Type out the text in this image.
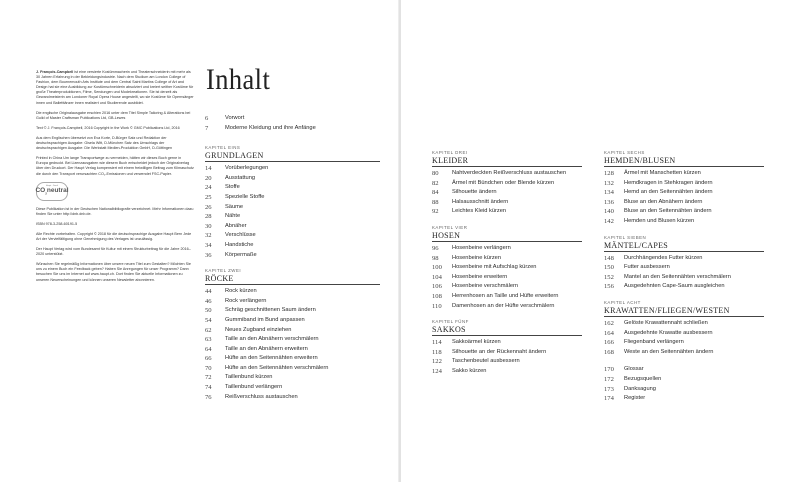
J. François-Campbell ist eine versierte Kostümmacherin und Theaterschneiderin mit mehr als 30 Jahren Erfahrung in der Bekleidungsindustrie. Nach dem Studium am London College of Fashion, dem Bournemouth Arts Institute und dem Central Saint Martins College of Art and Design hat sie eine Ausbildung zur Kostümschneiderin absolviert und kreiert seither Kostüme für große Theaterproduktionen, Filme, Sendungen und Modekreationen. Sie ist derzeit als Gewandmeisterin am Londoner Royal Opera House angestellt, wo sie Kostüme für Opernsänger innen und Balletttänzer innen realisiert und Studierende ausbildet.

Die englische Originalausgabe erschien 2016 unter dem Titel Simple Tailoring & Alterations bei Guild of Master Craftsman Publications Ltd, GB-Lewes

Text © J. François-Campbell, 2016 Copyright in the Work © GMC Publications Ltd, 2016

Aus dem Englischen übersetzt von Eva Korte, D-Bürger Satz und Redaktion der deutschsprachigen Ausgabe: Gisela Witt, D-München Satz des Umschlags der deutschsprachigen Ausgabe: Die Werkstatt Medien-Produktion GmbH, D-Göttingen

Printed in China Um lange Transportwege zu vermeiden, hätten wir dieses Buch gerne in Europa gedruckt. Bei Lizenzausgaben wie diesem Buch entscheidet jedoch der Originalverlag über den Druckort. Der Haupt Verlag kompensiert mit einem freiwilligen Beitrag zum Klimaschutz die durch den Transport verursachten CO₂-Emissionen und verwendet FSC-Papier.

Haupt · Druck
$CO_2neutral$

Diese Publikation ist in der Deutschen Nationalbibliografie verzeichnet. Mehr Informationen dazu finden Sie unter http://dnb.dnb.de.

ISBN 978-3-258-60191-5

Alle Rechte vorbehalten. Copyright © 2018 für die deutschsprachige Ausgabe Haupt Bern Jede Art der Vervielfältigung ohne Genehmigung des Verlages ist unzulässig.

Der Haupt Verlag wird vom Bundesamt für Kultur mit einem Strukturbeitrag für die Jahre 2016–2020 unterstützt.

Wünschen Sie regelmäßig Informationen über unsere neuen Titel zum Gestalten? Möchten Sie uns zu einem Buch ein Feedback geben? Haben Sie Anregungen für unser Programm? Dann besuchen Sie uns im Internet auf www.haupt.ch. Dort finden Sie aktuelle Informationen zu unseren Neuerscheinungen und können unseren Newsletter abonnieren.

Inhalt
6	Vorwort
7	Moderne Kleidung und ihre Anfänge
KAPITEL EINS
GRUNDLAGEN
14	Vorüberlegungen
20	Ausstattung
24	Stoffe
25	Spezielle Stoffe
26	Säume
28	Nähte
30	Abnäher
32	Verschlüsse
34	Handstiche
36	Körpermaße
KAPITEL ZWEI
RÖCKE
44	Rock kürzen
46	Rock verlängern
50	Schräg geschnittenen Saum ändern
54	Gummiband im Bund anpassen
62	Neues Zugband einziehen
63	Taille an den Abnähern verschmälern
64	Taille an den Abnähern erweitern
66	Hüfte an den Seitennähten erweitern
70	Hüfte an den Seitennähten verschmälern
72	Taillenbund kürzen
74	Taillenbund verlängern
76	Reißverschluss austauschen
KAPITEL DREI
KLEIDER
80	Nahtverdeckten Reißverschluss austauschen
82	Ärmel mit Bündchen oder Blende kürzen
84	Silhouette ändern
88	Halsausschnitt ändern
92	Leichtes Kleid kürzen
KAPITEL VIER
HOSEN
96	Hosenbeine verlängern
98	Hosenbeine kürzen
100	Hosenbeine mit Aufschlag kürzen
104	Hosenbeine erweitern
106	Hosenbeine verschmälern
108	Herrenhosen an Taille und Hüfte erweitern
110	Damenhosen an der Hüfte verschmälern
KAPITEL FÜNF
SAKKOS
114	Sakkoärmel kürzen
118	Silhouette an der Rückennaht ändern
122	Taschenbeutel ausbessern
124	Sakko kürzen
KAPITEL SECHS
HEMDEN/BLUSEN
128	Ärmel mit Manschetten kürzen
132	Hemdkragen in Stehkragen ändern
134	Hemd an den Seitennähten ändern
136	Bluse an den Abnähern ändern
140	Bluse an den Seitennähten ändern
142	Hemden und Blusen kürzen
KAPITEL SIEBEN
MÄNTEL/CAPES
148	Durchhängendes Futter kürzen
150	Futter ausbessern
152	Mantel an den Seitennähten verschmälern
156	Ausgedehnten Cape-Saum ausgleichen
KAPITEL ACHT
KRAWATTEN/FLIEGEN/WESTEN
162	Gelöste Krawattennaht schließen
164	Ausgedehnte Krawatte ausbessern
166	Fliegenband verlängern
168	Weste an den Seitennähten ändern
170	Glossar
172	Bezugsquellen
173	Danksagung
174	Register
